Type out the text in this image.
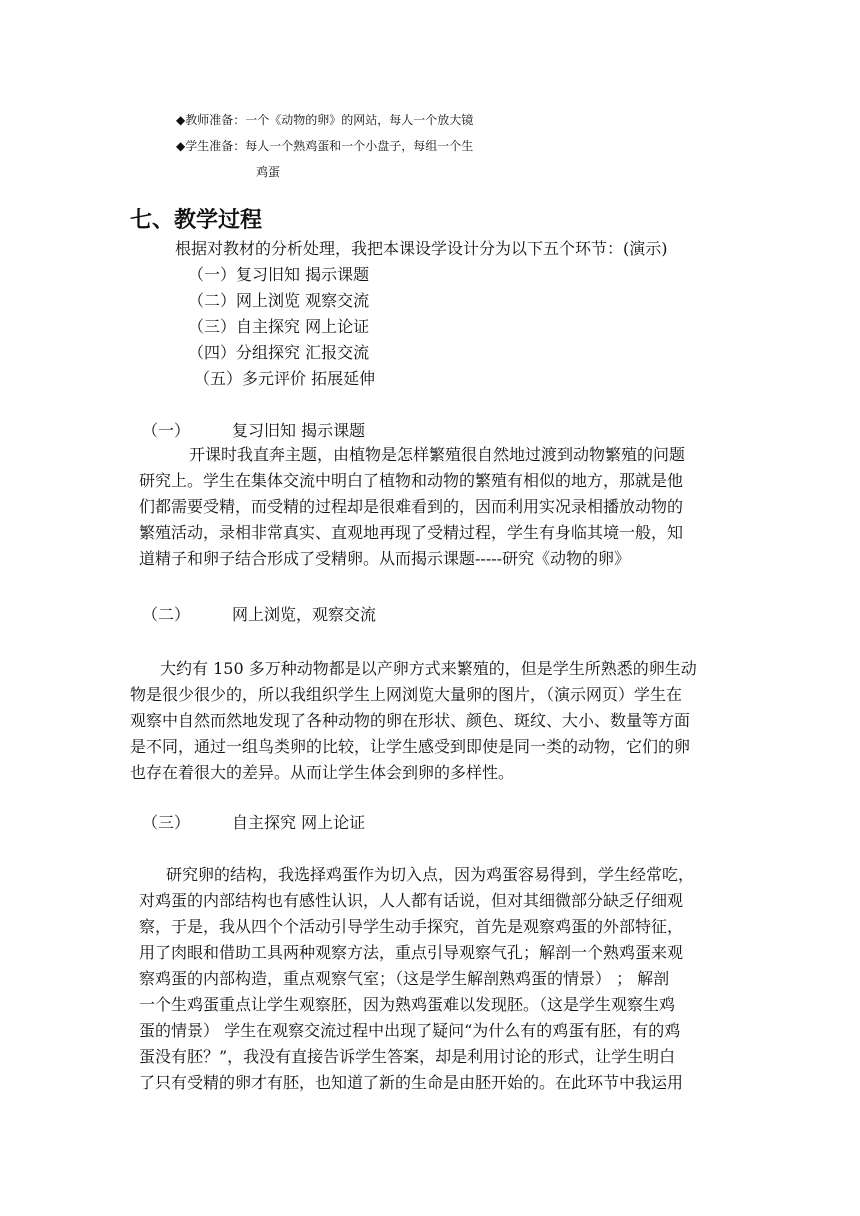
◆教师准备：一个《动物的卵》的网站，每人一个放大镜
◆学生准备：每人一个熟鸡蛋和一个小盘子，每组一个生
鸡蛋
七、教学过程
根据对教材的分析处理，我把本课设学设计分为以下五个环节：(演示)
（一）复习旧知 揭示课题
（二）网上浏览 观察交流
（三）自主探究 网上论证
（四）分组探究 汇报交流
（五）多元评价 拓展延伸
（一）	复习旧知 揭示课题
开课时我直奔主题，由植物是怎样繁殖很自然地过渡到动物繁殖的问题
研究上。学生在集体交流中明白了植物和动物的繁殖有相似的地方，那就是他
们都需要受精，而受精的过程却是很难看到的，因而利用实况录相播放动物的
繁殖活动，录相非常真实、直观地再现了受精过程，学生有身临其境一般，知
道精子和卵子结合形成了受精卵。从而揭示课题-----研究《动物的卵》
（二）	网上浏览，观察交流
大约有 150 多万种动物都是以产卵方式来繁殖的，但是学生所熟悉的卵生动
物是很少很少的，所以我组织学生上网浏览大量卵的图片，（演示网页）学生在
观察中自然而然地发现了各种动物的卵在形状、颜色、斑纹、大小、数量等方面
是不同，通过一组鸟类卵的比较，让学生感受到即使是同一类的动物，它们的卵
也存在着很大的差异。从而让学生体会到卵的多样性。
（三）	自主探究 网上论证
研究卵的结构，我选择鸡蛋作为切入点，因为鸡蛋容易得到，学生经常吃，
对鸡蛋的内部结构也有感性认识，人人都有话说，但对其细微部分缺乏仔细观
察，于是，我从四个个活动引导学生动手探究，首先是观察鸡蛋的外部特征，
用了肉眼和借助工具两种观察方法，重点引导观察气孔；解剖一个熟鸡蛋来观
察鸡蛋的内部构造，重点观察气室；（这是学生解剖熟鸡蛋的情景） ； 解剖
一个生鸡蛋重点让学生观察胚，因为熟鸡蛋难以发现胚。（这是学生观察生鸡
蛋的情景） 学生在观察交流过程中出现了疑问“为什么有的鸡蛋有胚，有的鸡
蛋没有胚？”，我没有直接告诉学生答案，却是利用讨论的形式，让学生明白
了只有受精的卵才有胚，也知道了新的生命是由胚开始的。在此环节中我运用
